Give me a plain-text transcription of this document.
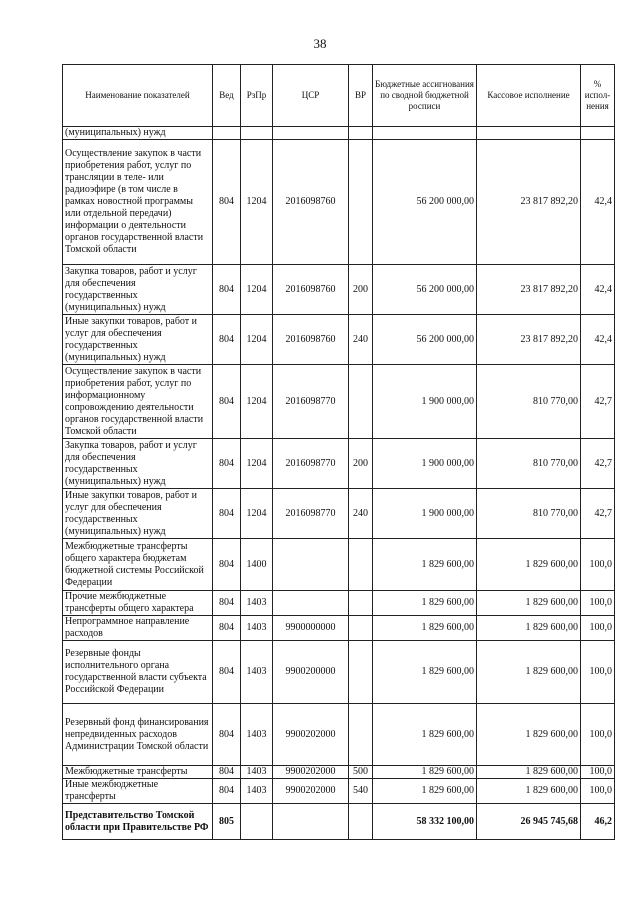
38
Наименование показателей	Вед	РзПр	ЦСР	ВР	Бюджетные ассигнования по сводной бюджетной росписи	Кассовое исполнение	% испол-нения
(муниципальных) нужд							
Осуществление закупок в части приобретения работ, услуг по трансляции в теле- или радиоэфире (в том числе в рамках новостной программы или отдельной передачи) информации о деятельности органов государственной власти Томской области	804	1204	2016098760		56 200 000,00	23 817 892,20	42,4
Закупка товаров, работ и услуг для обеспечения государственных (муниципальных) нужд	804	1204	2016098760	200	56 200 000,00	23 817 892,20	42,4
Иные закупки товаров, работ и услуг для обеспечения государственных (муниципальных) нужд	804	1204	2016098760	240	56 200 000,00	23 817 892,20	42,4
Осуществление закупок в части приобретения работ, услуг по информационному сопровождению деятельности органов государственной власти Томской области	804	1204	2016098770		1 900 000,00	810 770,00	42,7
Закупка товаров, работ и услуг для обеспечения государственных (муниципальных) нужд	804	1204	2016098770	200	1 900 000,00	810 770,00	42,7
Иные закупки товаров, работ и услуг для обеспечения государственных (муниципальных) нужд	804	1204	2016098770	240	1 900 000,00	810 770,00	42,7
Межбюджетные трансферты общего характера бюджетам бюджетной системы Российской Федерации	804	1400			1 829 600,00	1 829 600,00	100,0
Прочие межбюджетные трансферты общего характера	804	1403			1 829 600,00	1 829 600,00	100,0
Непрограммное направление расходов	804	1403	9900000000		1 829 600,00	1 829 600,00	100,0
Резервные фонды исполнительного органа государственной власти субъекта Российской Федерации	804	1403	9900200000		1 829 600,00	1 829 600,00	100,0
Резервный фонд финансирования непредвиденных расходов Администрации Томской области	804	1403	9900202000		1 829 600,00	1 829 600,00	100,0
Межбюджетные трансферты	804	1403	9900202000	500	1 829 600,00	1 829 600,00	100,0
Иные межбюджетные трансферты	804	1403	9900202000	540	1 829 600,00	1 829 600,00	100,0
Представительство Томской области при Правительстве РФ	805				58 332 100,00	26 945 745,68	46,2
